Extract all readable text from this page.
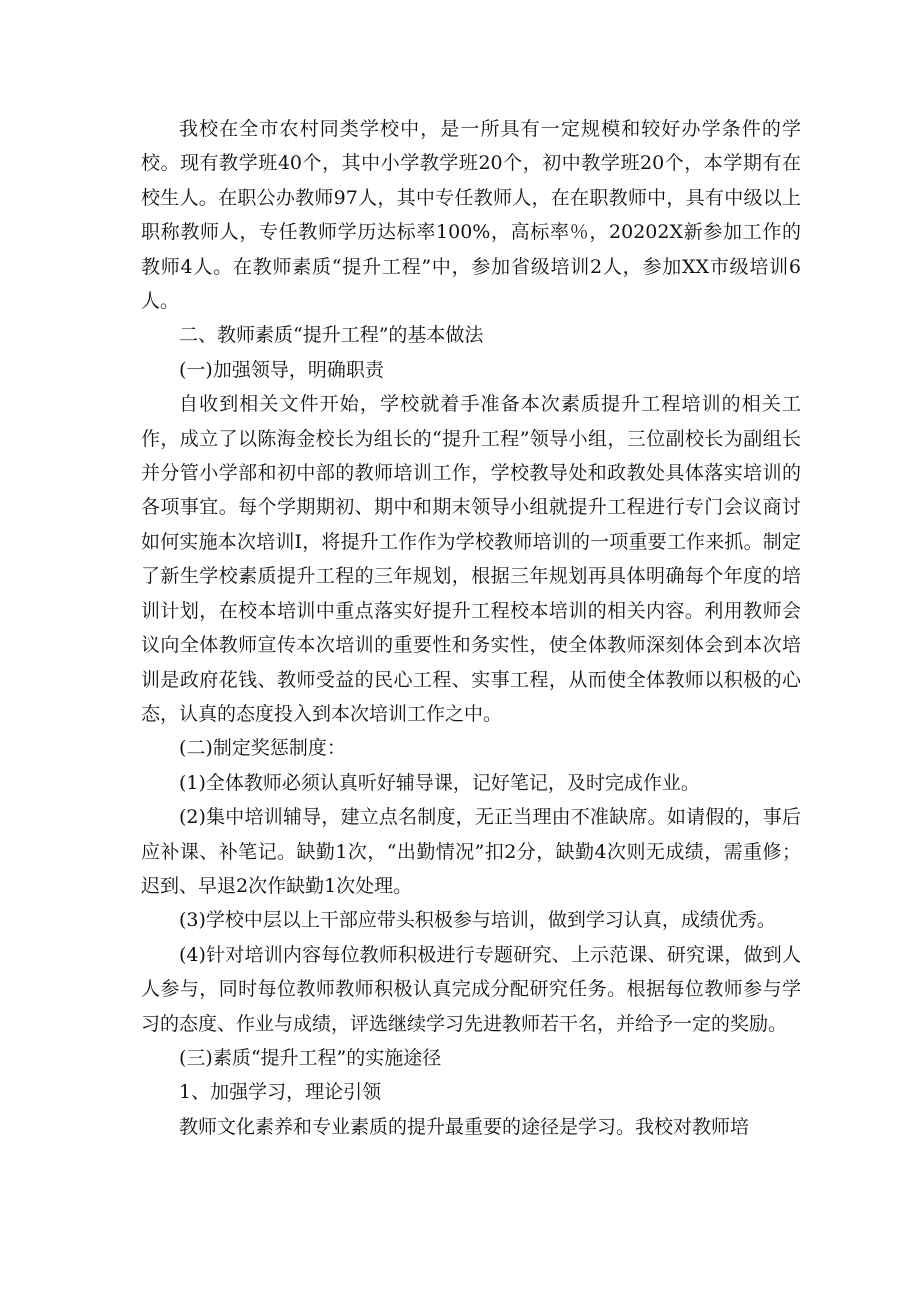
我校在全市农村同类学校中，是一所具有一定规模和较好办学条件的学校。现有教学班40个，其中小学教学班20个，初中教学班20个，本学期有在校生人。在职公办教师97人，其中专任教师人，在在职教师中，具有中级以上职称教师人，专任教师学历达标率100%，高标率％，20202X新参加工作的教师4人。在教师素质“提升工程”中，参加省级培训2人，参加XX市级培训6人。

二、教师素质“提升工程”的基本做法

(一)加强领导，明确职责

自收到相关文件开始，学校就着手准备本次素质提升工程培训的相关工作，成立了以陈海金校长为组长的“提升工程”领导小组，三位副校长为副组长并分管小学部和初中部的教师培训工作，学校教导处和政教处具体落实培训的各项事宜。每个学期期初、期中和期末领导小组就提升工程进行专门会议商讨如何实施本次培训Ⅰ，将提升工作作为学校教师培训的一项重要工作来抓。制定了新生学校素质提升工程的三年规划，根据三年规划再具体明确每个年度的培训计划，在校本培训中重点落实好提升工程校本培训的相关内容。利用教师会议向全体教师宣传本次培训的重要性和务实性，使全体教师深刻体会到本次培训是政府花钱、教师受益的民心工程、实事工程，从而使全体教师以积极的心态，认真的态度投入到本次培训工作之中。

(二)制定奖惩制度：

(1)全体教师必须认真听好辅导课，记好笔记，及时完成作业。

(2)集中培训辅导，建立点名制度，无正当理由不准缺席。如请假的，事后应补课、补笔记。缺勤1次，“出勤情况”扣2分，缺勤4次则无成绩，需重修；迟到、早退2次作缺勤1次处理。

(3)学校中层以上干部应带头积极参与培训，做到学习认真，成绩优秀。

(4)针对培训内容每位教师积极进行专题研究、上示范课、研究课，做到人人参与，同时每位教师教师积极认真完成分配研究任务。根据每位教师参与学习的态度、作业与成绩，评选继续学习先进教师若干名，并给予一定的奖励。

(三)素质“提升工程”的实施途径

1、加强学习，理论引领

教师文化素养和专业素质的提升最重要的途径是学习。我校对教师培
